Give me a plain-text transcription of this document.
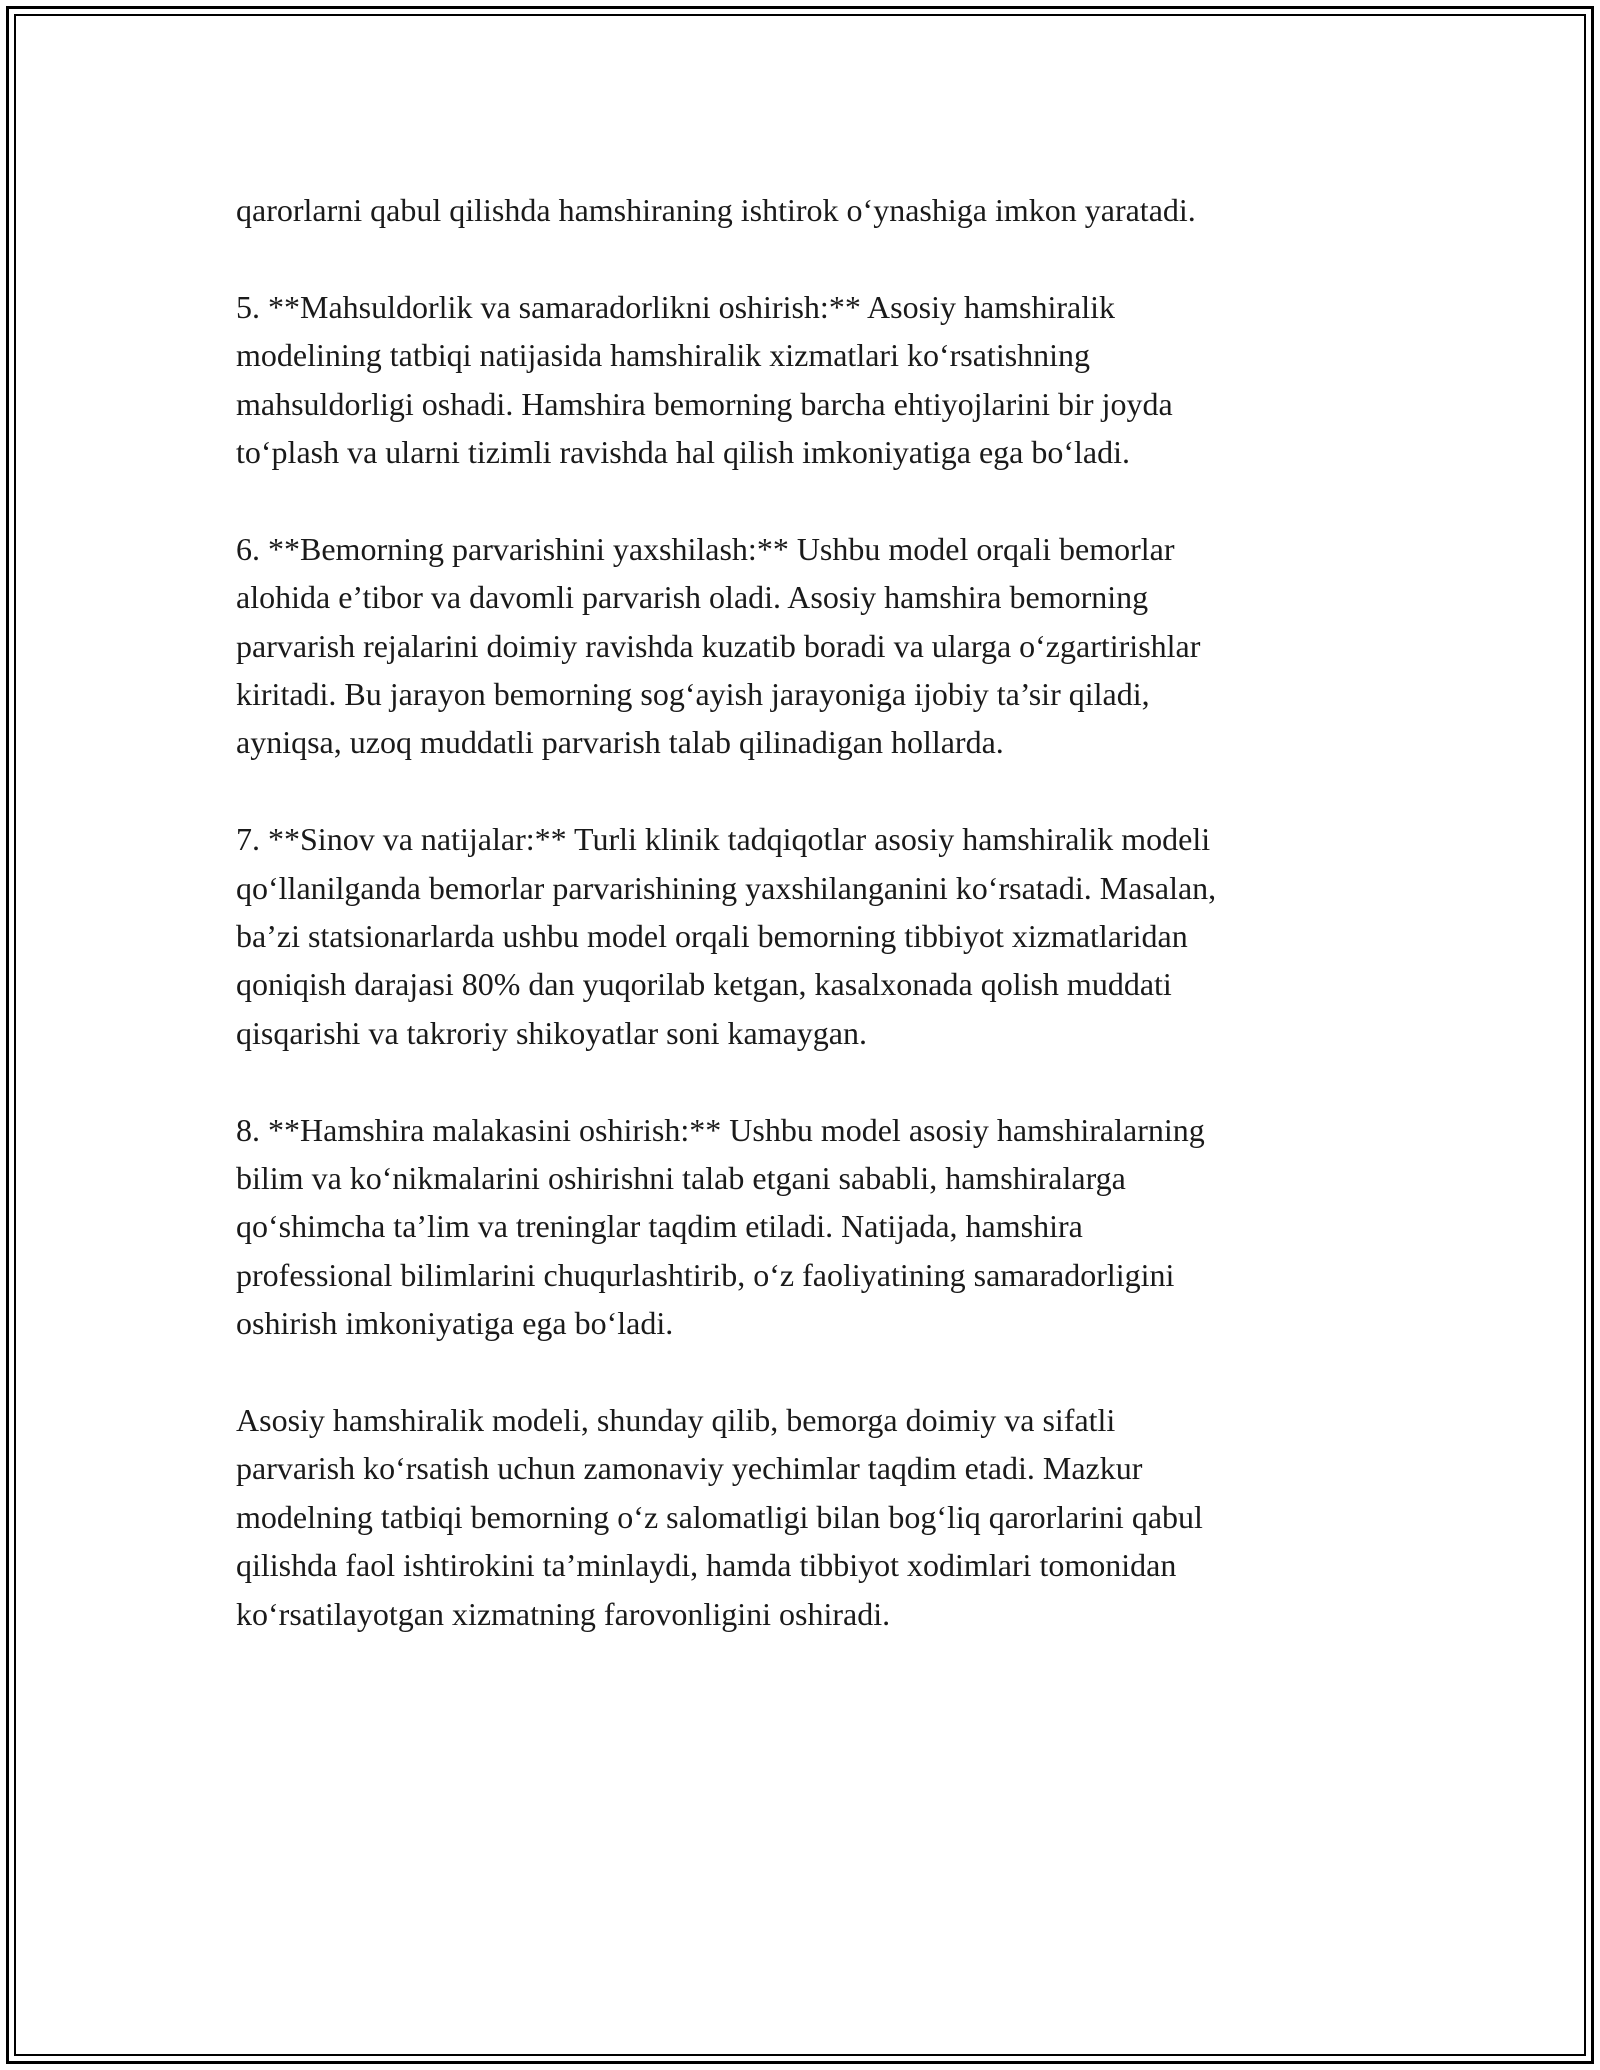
qarorlarni qabul qilishda hamshiraning ishtirok o‘ynashiga imkon yaratadi.

5. **Mahsuldorlik va samaradorlikni oshirish:** Asosiy hamshiralik
modelining tatbiqi natijasida hamshiralik xizmatlari ko‘rsatishning
mahsuldorligi oshadi. Hamshira bemorning barcha ehtiyojlarini bir joyda
to‘plash va ularni tizimli ravishda hal qilish imkoniyatiga ega bo‘ladi.

6. **Bemorning parvarishini yaxshilash:** Ushbu model orqali bemorlar
alohida e’tibor va davomli parvarish oladi. Asosiy hamshira bemorning
parvarish rejalarini doimiy ravishda kuzatib boradi va ularga o‘zgartirishlar
kiritadi. Bu jarayon bemorning sog‘ayish jarayoniga ijobiy ta’sir qiladi,
ayniqsa, uzoq muddatli parvarish talab qilinadigan hollarda.

7. **Sinov va natijalar:** Turli klinik tadqiqotlar asosiy hamshiralik modeli
qo‘llanilganda bemorlar parvarishining yaxshilanganini ko‘rsatadi. Masalan,
ba’zi statsionarlarda ushbu model orqali bemorning tibbiyot xizmatlaridan
qoniqish darajasi 80% dan yuqorilab ketgan, kasalxonada qolish muddati
qisqarishi va takroriy shikoyatlar soni kamaygan.

8. **Hamshira malakasini oshirish:** Ushbu model asosiy hamshiralarning
bilim va ko‘nikmalarini oshirishni talab etgani sababli, hamshiralarga
qo‘shimcha ta’lim va treninglar taqdim etiladi. Natijada, hamshira
professional bilimlarini chuqurlashtirib, o‘z faoliyatining samaradorligini
oshirish imkoniyatiga ega bo‘ladi.

Asosiy hamshiralik modeli, shunday qilib, bemorga doimiy va sifatli
parvarish ko‘rsatish uchun zamonaviy yechimlar taqdim etadi. Mazkur
modelning tatbiqi bemorning o‘z salomatligi bilan bog‘liq qarorlarini qabul
qilishda faol ishtirokini ta’minlaydi, hamda tibbiyot xodimlari tomonidan
ko‘rsatilayotgan xizmatning farovonligini oshiradi.
